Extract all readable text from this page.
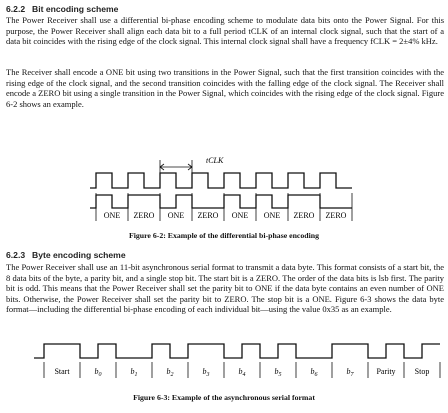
6.2.2 Bit encoding scheme
The Power Receiver shall use a differential bi-phase encoding scheme to modulate data bits onto the Power Signal. For this purpose, the Power Receiver shall align each data bit to a full period tCLK of an internal clock signal, such that the start of a data bit coincides with the rising edge of the clock signal. This internal clock signal shall have a frequency fCLK = 2±4% kHz.
The Receiver shall encode a ONE bit using two transitions in the Power Signal, such that the first transition coincides with the rising edge of the clock signal, and the second transition coincides with the falling edge of the clock signal. The Receiver shall encode a ZERO bit using a single transition in the Power Signal, which coincides with the rising edge of the clock signal. Figure 6-2 shows an example.
tCLK
ONE ZERO ONE ZERO ONE ONE ZERO ZERO
Figure 6-2: Example of the differential bi-phase encoding
6.2.3 Byte encoding scheme
The Power Receiver shall use an 11-bit asynchronous serial format to transmit a data byte. This format consists of a start bit, the 8 data bits of the byte, a parity bit, and a single stop bit. The start bit is a ZERO. The order of the data bits is lsb first. The parity bit is odd. This means that the Power Receiver shall set the parity bit to ONE if the data byte contains an even number of ONE bits. Otherwise, the Power Receiver shall set the parity bit to ZERO. The stop bit is a ONE. Figure 6-3 shows the data byte format—including the differential bi-phase encoding of each individual bit—using the value 0x35 as an example.
Start	$b_0$	$b_1$	$b_2$	$b_3$	$b_4$	$b_5$	$b_6$	$b_7$	Parity Stop
Figure 6-3: Example of the asynchronous serial format
